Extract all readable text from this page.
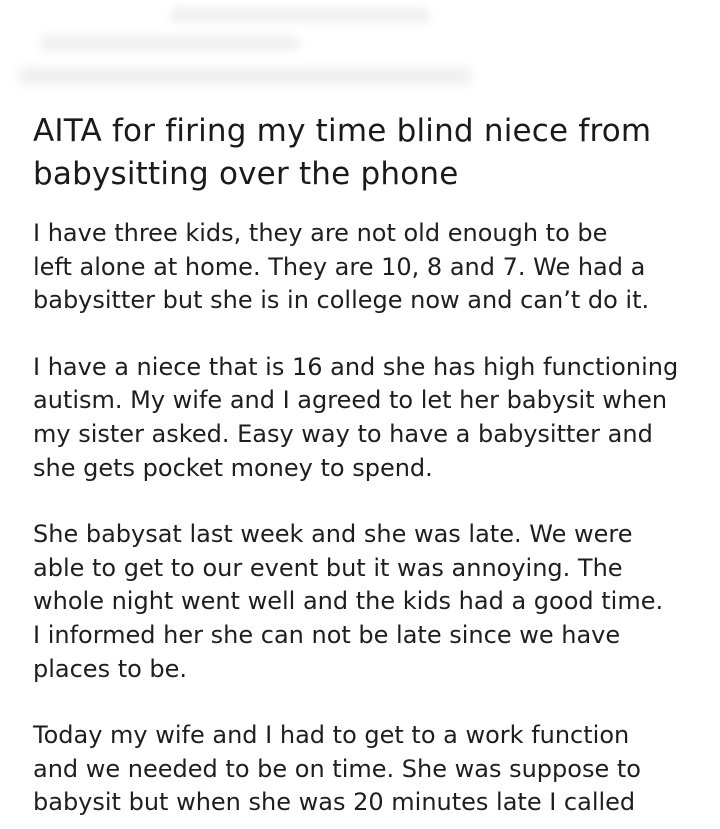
AITA for firing my time blind niece from
babysitting over the phone

I have three kids, they are not old enough to be
left alone at home. They are 10, 8 and 7. We had a
babysitter but she is in college now and can’t do it.

I have a niece that is 16 and she has high functioning
autism. My wife and I agreed to let her babysit when
my sister asked. Easy way to have a babysitter and
she gets pocket money to spend.

She babysat last week and she was late. We were
able to get to our event but it was annoying. The
whole night went well and the kids had a good time.
I informed her she can not be late since we have
places to be.

Today my wife and I had to get to a work function
and we needed to be on time. She was suppose to
babysit but when she was 20 minutes late I called
